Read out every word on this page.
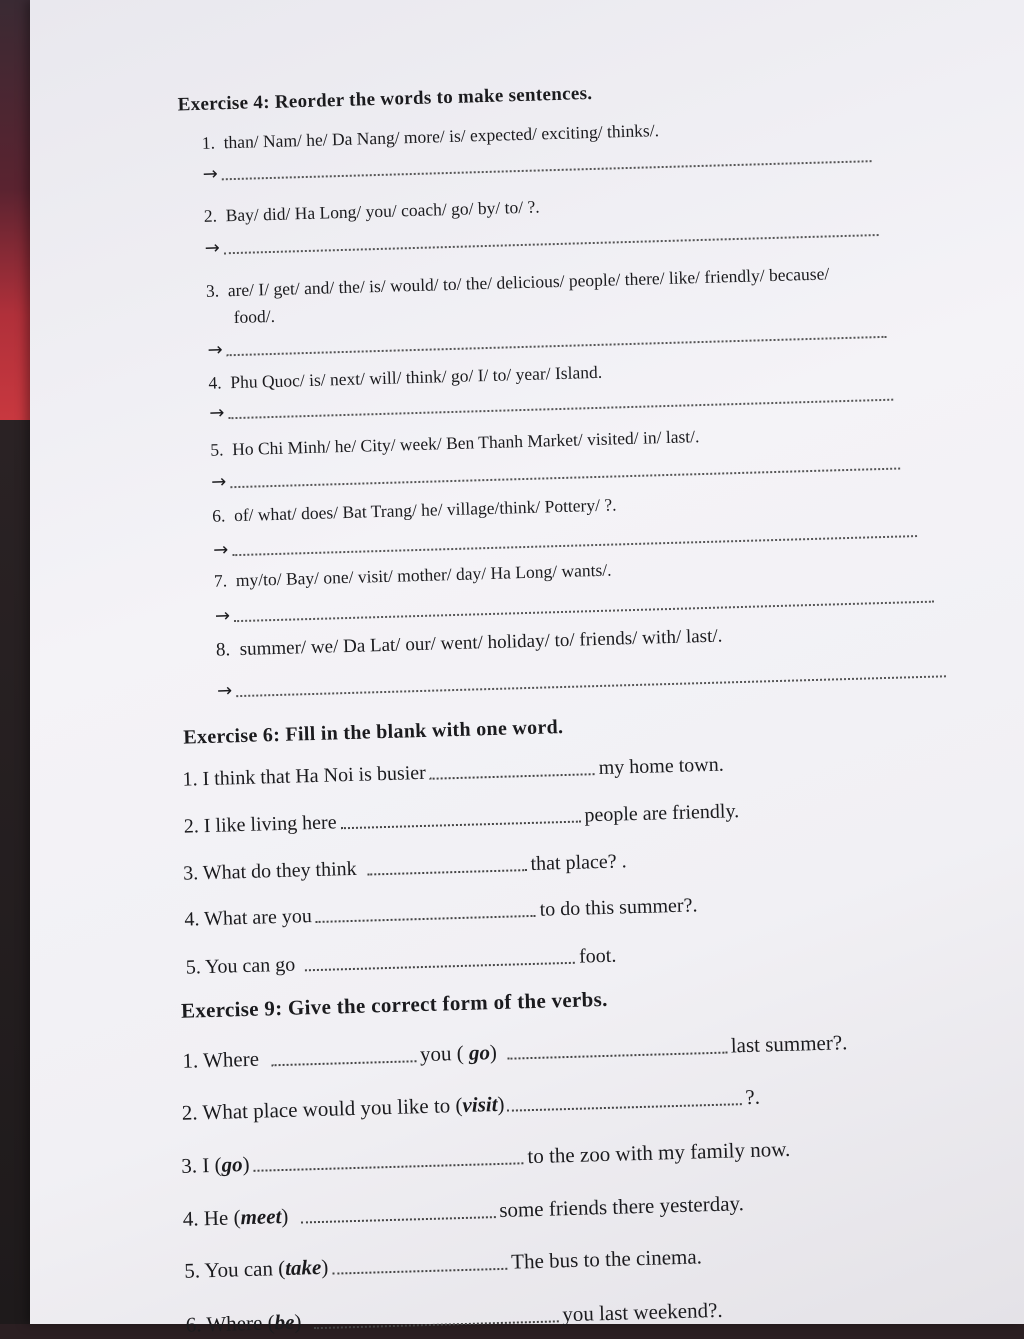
Exercise 4: Reorder the words to make sentences.
1. than/ Nam/ he/ Da Nang/ more/ is/ expected/ exciting/ thinks/.
→
2. Bay/ did/ Ha Long/ you/ coach/ go/ by/ to/ ?.
→
3. are/ I/ get/ and/ the/ is/ would/ to/ the/ delicious/ people/ there/ like/ friendly/ because/
food/.
→
4. Phu Quoc/ is/ next/ will/ think/ go/ I/ to/ year/ Island.
→
5. Ho Chi Minh/ he/ City/ week/ Ben Thanh Market/ visited/ in/ last/.
→
6. of/ what/ does/ Bat Trang/ he/ village/think/ Pottery/ ?.
→
7. my/to/ Bay/ one/ visit/ mother/ day/ Ha Long/ wants/.
→
8. summer/ we/ Da Lat/ our/ went/ holiday/ to/ friends/ with/ last/.
→
Exercise 6: Fill in the blank with one word.
1. I think that Ha Noi is busier	my home town.
2. I like living here	people are friendly.
3. What do they think	that place? .
4. What are you	to do this summer?.
5. You can go	foot.
Exercise 9: Give the correct form of the verbs.
1. Where	you ( go)	last summer?.
2. What place would you like to ( visit )	?.
3. I ( go )	to the zoo with my family now.
4. He ( meet )	some friends there yesterday.
5. You can ( take )	The bus to the cinema.
6. Where ( be )	you last weekend?.
